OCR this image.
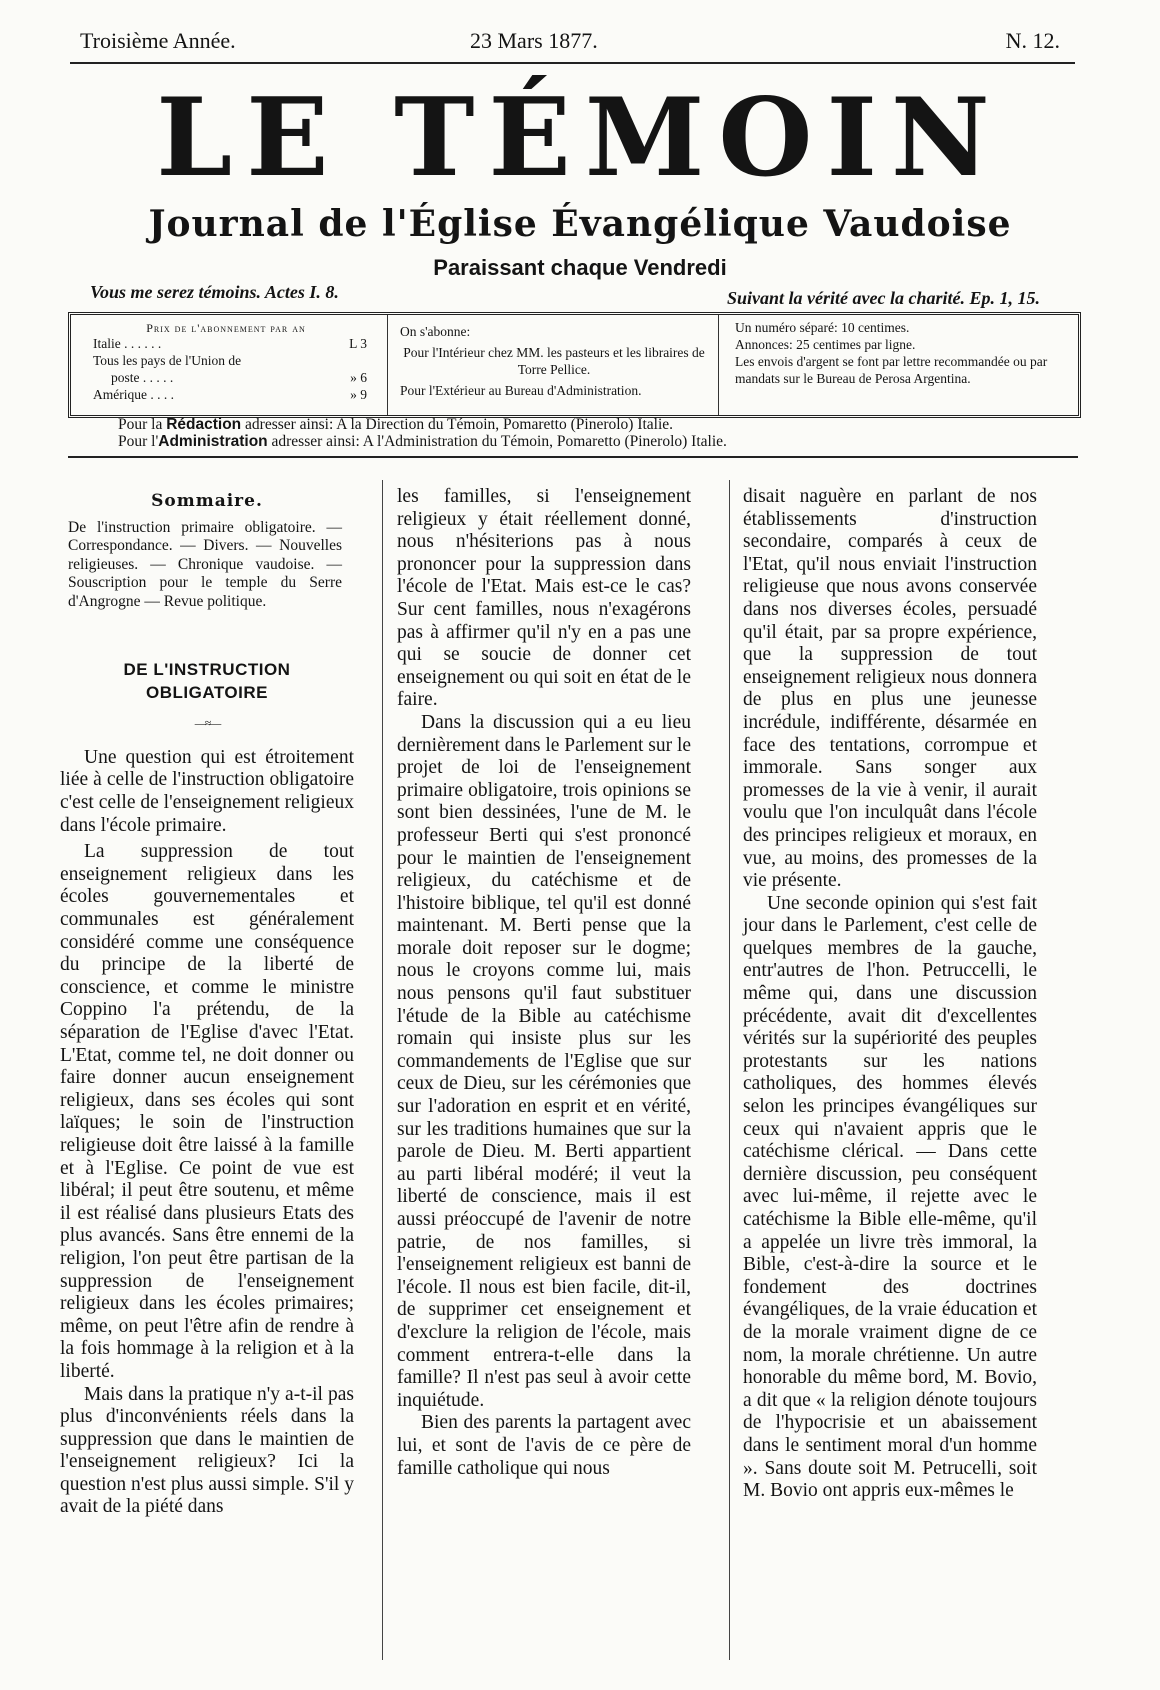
Troisième Année.	23 Mars 1877.	N. 12.
LE TÉMOIN
Journal de l'Église Évangélique Vaudoise
Paraissant chaque Vendredi
Vous me serez témoins. Actes I. 8.	Suivant la vérité avec la charité. Ep. 1, 15.
Prix de l'abonnement par an
Italie . . . . . .	L 3
Tous les pays de l'Union de
poste . . . . .	» 6
Amérique . . . .	» 9
On s'abonne:
Pour l'Intérieur chez MM. les pasteurs et les libraires de Torre Pellice.
Pour l'Extérieur au Bureau d'Administration.
Un numéro séparé: 10 centimes.
Annonces: 25 centimes par ligne.
Les envois d'argent se font par lettre recommandée ou par mandats sur le Bureau de Perosa Argentina.
Pour la Rédaction adresser ainsi: A la Direction du Témoin, Pomaretto (Pinerolo) Italie.
Pour l'Administration adresser ainsi: A l'Administration du Témoin, Pomaretto (Pinerolo) Italie.
Sommaire.
De l'instruction primaire obligatoire. — Correspondance. — Divers. — Nouvelles religieuses. — Chronique vaudoise. — Souscription pour le temple du Serre d'Angrogne — Revue politique.
DE L'INSTRUCTION OBLIGATOIRE
—≈—

Une question qui est étroitement liée à celle de l'instruction obligatoire c'est celle de l'enseignement religieux dans l'école primaire.

La suppression de tout enseignement religieux dans les écoles gouvernementales et communales est généralement considéré comme une conséquence du principe de la liberté de conscience, et comme le ministre Coppino l'a prétendu, de la séparation de l'Eglise d'avec l'Etat. L'Etat, comme tel, ne doit donner ou faire donner aucun enseignement religieux, dans ses écoles qui sont laïques; le soin de l'instruction religieuse doit être laissé à la famille et à l'Eglise. Ce point de vue est libéral; il peut être soutenu, et même il est réalisé dans plusieurs Etats des plus avancés. Sans être ennemi de la religion, l'on peut être partisan de la suppression de l'enseignement religieux dans les écoles primaires; même, on peut l'être afin de rendre à la fois hommage à la religion et à la liberté.

Mais dans la pratique n'y a-t-il pas plus d'inconvénients réels dans la suppression que dans le maintien de l'enseignement religieux? Ici la question n'est plus aussi simple. S'il y avait de la piété dans

les familles, si l'enseignement religieux y était réellement donné, nous n'hésiterions pas à nous prononcer pour la suppression dans l'école de l'Etat. Mais est-ce le cas? Sur cent familles, nous n'exagérons pas à affirmer qu'il n'y en a pas une qui se soucie de donner cet enseignement ou qui soit en état de le faire.

Dans la discussion qui a eu lieu dernièrement dans le Parlement sur le projet de loi de l'enseignement primaire obligatoire, trois opinions se sont bien dessinées, l'une de M. le professeur Berti qui s'est prononcé pour le maintien de l'enseignement religieux, du catéchisme et de l'histoire biblique, tel qu'il est donné maintenant. M. Berti pense que la morale doit reposer sur le dogme; nous le croyons comme lui, mais nous pensons qu'il faut substituer l'étude de la Bible au catéchisme romain qui insiste plus sur les commandements de l'Eglise que sur ceux de Dieu, sur les cérémonies que sur l'adoration en esprit et en vérité, sur les traditions humaines que sur la parole de Dieu. M. Berti appartient au parti libéral modéré; il veut la liberté de conscience, mais il est aussi préoccupé de l'avenir de notre patrie, de nos familles, si l'enseignement religieux est banni de l'école. Il nous est bien facile, dit-il, de supprimer cet enseignement et d'exclure la religion de l'école, mais comment entrera-t-elle dans la famille? Il n'est pas seul à avoir cette inquiétude.

Bien des parents la partagent avec lui, et sont de l'avis de ce père de famille catholique qui nous

disait naguère en parlant de nos établissements d'instruction secondaire, comparés à ceux de l'Etat, qu'il nous enviait l'instruction religieuse que nous avons conservée dans nos diverses écoles, persuadé qu'il était, par sa propre expérience, que la suppression de tout enseignement religieux nous donnera de plus en plus une jeunesse incrédule, indifférente, désarmée en face des tentations, corrompue et immorale. Sans songer aux promesses de la vie à venir, il aurait voulu que l'on inculquât dans l'école des principes religieux et moraux, en vue, au moins, des promesses de la vie présente.

Une seconde opinion qui s'est fait jour dans le Parlement, c'est celle de quelques membres de la gauche, entr'autres de l'hon. Petruccelli, le même qui, dans une discussion précédente, avait dit d'excellentes vérités sur la supériorité des peuples protestants sur les nations catholiques, des hommes élevés selon les principes évangéliques sur ceux qui n'avaient appris que le catéchisme clérical. — Dans cette dernière discussion, peu conséquent avec lui-même, il rejette avec le catéchisme la Bible elle-même, qu'il a appelée un livre très immoral, la Bible, c'est-à-dire la source et le fondement des doctrines évangéliques, de la vraie éducation et de la morale vraiment digne de ce nom, la morale chrétienne. Un autre honorable du même bord, M. Bovio, a dit que « la religion dénote toujours de l'hypocrisie et un abaissement dans le sentiment moral d'un homme ». Sans doute soit M. Petrucelli, soit M. Bovio ont appris eux-mêmes le
